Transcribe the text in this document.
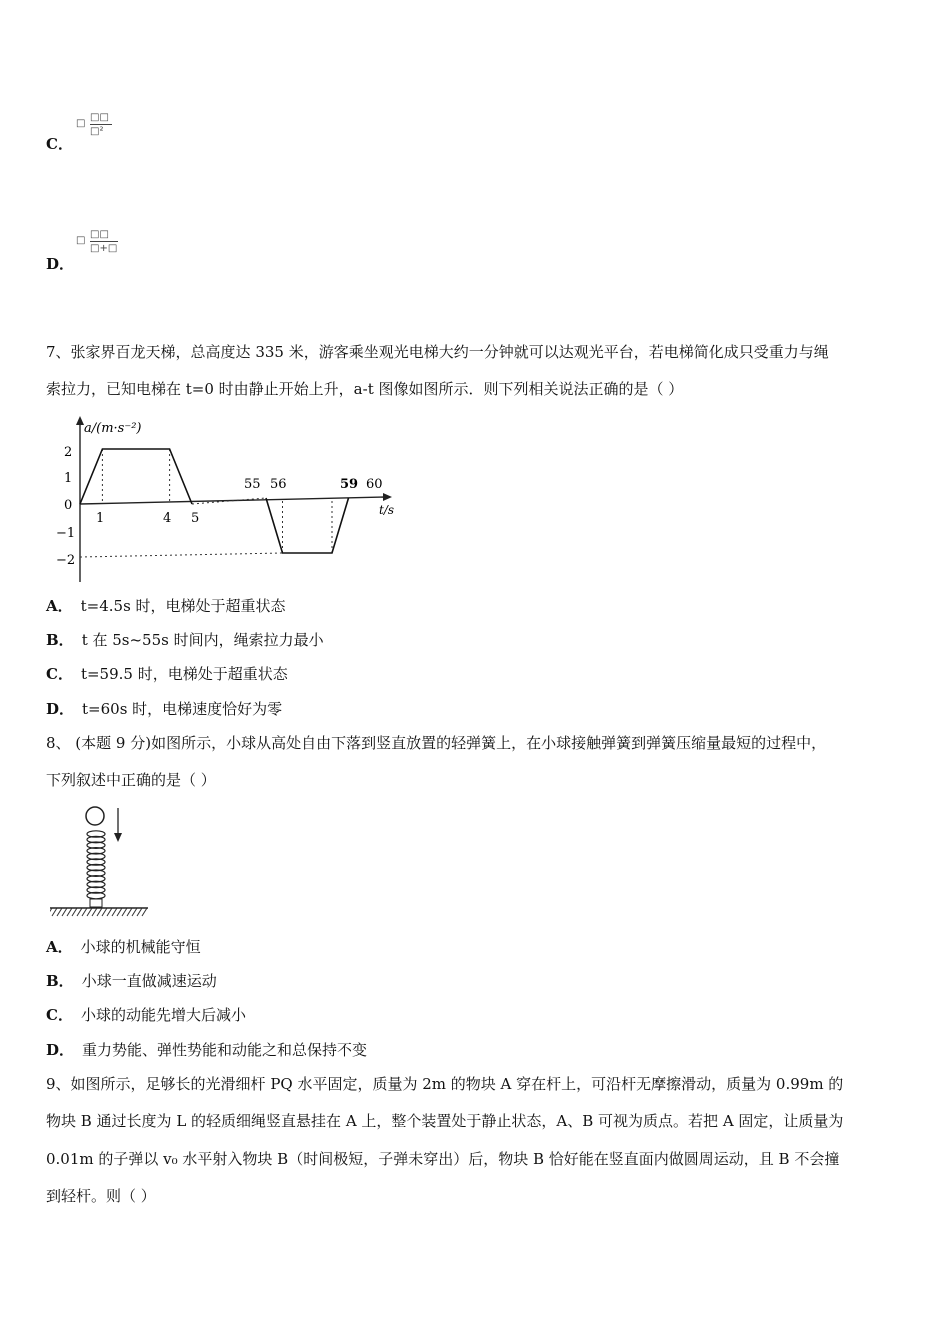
□
□□
□²
C．
□
□□
□+□
D．
7、张家界百龙天梯，总高度达 335 米，游客乘坐观光电梯大约一分钟就可以达观光平台，若电梯简化成只受重力与绳
索拉力，已知电梯在 t=0 时由静止开始上升，a-t 图像如图所示．则下列相关说法正确的是（ ）
a/(m·s⁻²)
t/s
2
1
0
−1
−2
1	4 5
55 56	59 60
A． t=4.5s 时，电梯处于超重状态
B． t 在 5s~55s 时间内，绳索拉力最小
C． t=59.5 时，电梯处于超重状态
D． t=60s 时，电梯速度恰好为零
8、 (本题 9 分)如图所示，小球从高处自由下落到竖直放置的轻弹簧上，在小球接触弹簧到弹簧压缩量最短的过程中，
下列叙述中正确的是（ ）
A． 小球的机械能守恒
B． 小球一直做减速运动
C． 小球的动能先增大后减小
D． 重力势能、弹性势能和动能之和总保持不变
9、如图所示，足够长的光滑细杆 PQ 水平固定，质量为 2m 的物块 A 穿在杆上，可沿杆无摩擦滑动，质量为 0.99m 的
物块 B 通过长度为 L 的轻质细绳竖直悬挂在 A 上，整个装置处于静止状态，A、B 可视为质点。若把 A 固定，让质量为
0.01m 的子弹以 v₀ 水平射入物块 B（时间极短，子弹未穿出）后，物块 B 恰好能在竖直面内做圆周运动，且 B 不会撞
到轻杆。则（ ）
